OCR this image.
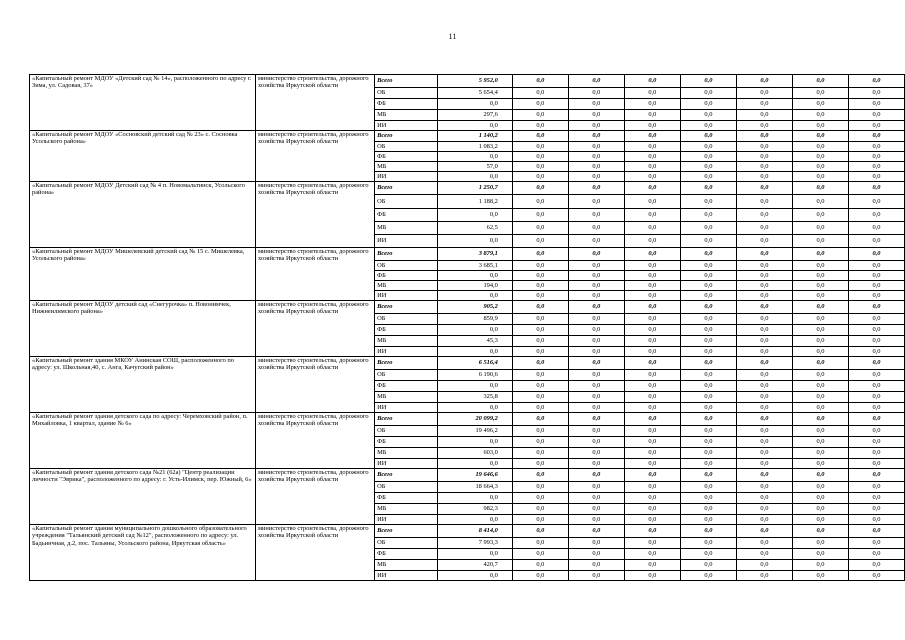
11
«Капитальный ремонт МДОУ «Детский сад № 14», расположенного по адресу г. Зима, ул. Садовая, 37»	министерство строительства, дорожного хозяйства Иркутской области	Всего	5 952,0	0,0	0,0	0,0	0,0	0,0	0,0	0,0
		ОБ	5 654,4	0,0	0,0	0,0	0,0	0,0	0,0	0,0
		ФБ	0,0	0,0	0,0	0,0	0,0	0,0	0,0	0,0
		МБ	297,6	0,0	0,0	0,0	0,0	0,0	0,0	0,0
		ИИ	0,0	0,0	0,0	0,0	0,0	0,0	0,0	0,0
«Капитальный ремонт МДОУ «Сосновский детский сад № 23» с. Сосновка Усольского района»	министерство строительства, дорожного хозяйства Иркутской области	Всего	1 140,2	0,0	0,0	0,0	0,0	0,0	0,0	0,0
		ОБ	1 083,2	0,0	0,0	0,0	0,0	0,0	0,0	0,0
		ФБ	0,0	0,0	0,0	0,0	0,0	0,0	0,0	0,0
		МБ	57,0	0,0	0,0	0,0	0,0	0,0	0,0	0,0
		ИИ	0,0	0,0	0,0	0,0	0,0	0,0	0,0	0,0
«Капитальный ремонт МДОУ Детский сад № 4 п. Новомальтинск, Усольского района»	министерство строительства, дорожного хозяйства Иркутской области	Всего	1 250,7	0,0	0,0	0,0	0,0	0,0	0,0	0,0
		ОБ	1 188,2	0,0	0,0	0,0	0,0	0,0	0,0	0,0
		ФБ	0,0	0,0	0,0	0,0	0,0	0,0	0,0	0,0
		МБ	62,5	0,0	0,0	0,0	0,0	0,0	0,0	0,0
		ИИ	0,0	0,0	0,0	0,0	0,0	0,0	0,0	0,0
«Капитальный ремонт МДОУ Мишелевский детский сад № 15 с. Мишелевка, Усольского района»	министерство строительства, дорожного хозяйства Иркутской области	Всего	3 879,1	0,0	0,0	0,0	0,0	0,0	0,0	0,0
		ОБ	3 685,1	0,0	0,0	0,0	0,0	0,0	0,0	0,0
		ФБ	0,0	0,0	0,0	0,0	0,0	0,0	0,0	0,0
		МБ	194,0	0,0	0,0	0,0	0,0	0,0	0,0	0,0
		ИИ	0,0	0,0	0,0	0,0	0,0	0,0	0,0	0,0
«Капитальный ремонт МДОУ детский сад «Снегурочка» п. Новонимчек, Нижнеилимского района»	министерство строительства, дорожного хозяйства Иркутской области	Всего	905,2	0,0	0,0	0,0	0,0	0,0	0,0	0,0
		ОБ	859,9	0,0	0,0	0,0	0,0	0,0	0,0	0,0
		ФБ	0,0	0,0	0,0	0,0	0,0	0,0	0,0	0,0
		МБ	45,3	0,0	0,0	0,0	0,0	0,0	0,0	0,0
		ИИ	0,0	0,0	0,0	0,0	0,0	0,0	0,0	0,0
«Капитальный ремонт здания МКОУ Анинская СОШ, расположенного по адресу: ул. Школьная,40, с. Анга, Качугский район»	министерство строительства, дорожного хозяйства Иркутской области	Всего	6 516,4	0,0	0,0	0,0	0,0	0,0	0,0	0,0
		ОБ	6 190,6	0,0	0,0	0,0	0,0	0,0	0,0	0,0
		ФБ	0,0	0,0	0,0	0,0	0,0	0,0	0,0	0,0
		МБ	325,8	0,0	0,0	0,0	0,0	0,0	0,0	0,0
		ИИ	0,0	0,0	0,0	0,0	0,0	0,0	0,0	0,0
«Капитальный ремонт здания детского сада по адресу: Черемховский район, п. Михайловка, 1 квартал, здание № 6»	министерство строительства, дорожного хозяйства Иркутской области	Всего	20 099,2	0,0	0,0	0,0	0,0	0,0	0,0	0,0
		ОБ	19 496,2	0,0	0,0	0,0	0,0	0,0	0,0	0,0
		ФБ	0,0	0,0	0,0	0,0	0,0	0,0	0,0	0,0
		МБ	603,0	0,0	0,0	0,0	0,0	0,0	0,0	0,0
		ИИ	0,0	0,0	0,0	0,0	0,0	0,0	0,0	0,0
«Капитальный ремонт здания детского сада №21 (62а) "Центр реализации личности "Эврика", расположенного по адресу: г. Усть-Илимск, пер. Южный, 6»	министерство строительства, дорожного хозяйства Иркутской области	Всего	19 646,6	0,0	0,0	0,0	0,0	0,0	0,0	0,0
		ОБ	18 664,3	0,0	0,0	0,0	0,0	0,0	0,0	0,0
		ФБ	0,0	0,0	0,0	0,0	0,0	0,0	0,0	0,0
		МБ	982,3	0,0	0,0	0,0	0,0	0,0	0,0	0,0
		ИИ	0,0	0,0	0,0	0,0	0,0	0,0	0,0	0,0
«Капитальный ремонт здания муниципального дошкольного образовательного учреждения "Тальянский детский сад №12", расположенного по адресу: ул. Бадьинчная, д.2, пос. Тальяны, Усольского района, Иркутская область»	министерство строительства, дорожного хозяйства Иркутской области	Всего	8 414,0	0,0	0,0	0,0	0,0	0,0	0,0	0,0
		ОБ	7 993,3	0,0	0,0	0,0	0,0	0,0	0,0	0,0
		ФБ	0,0	0,0	0,0	0,0	0,0	0,0	0,0	0,0
		МБ	420,7	0,0	0,0	0,0	0,0	0,0	0,0	0,0
		ИИ	0,0	0,0	0,0	0,0	0,0	0,0	0,0	0,0
